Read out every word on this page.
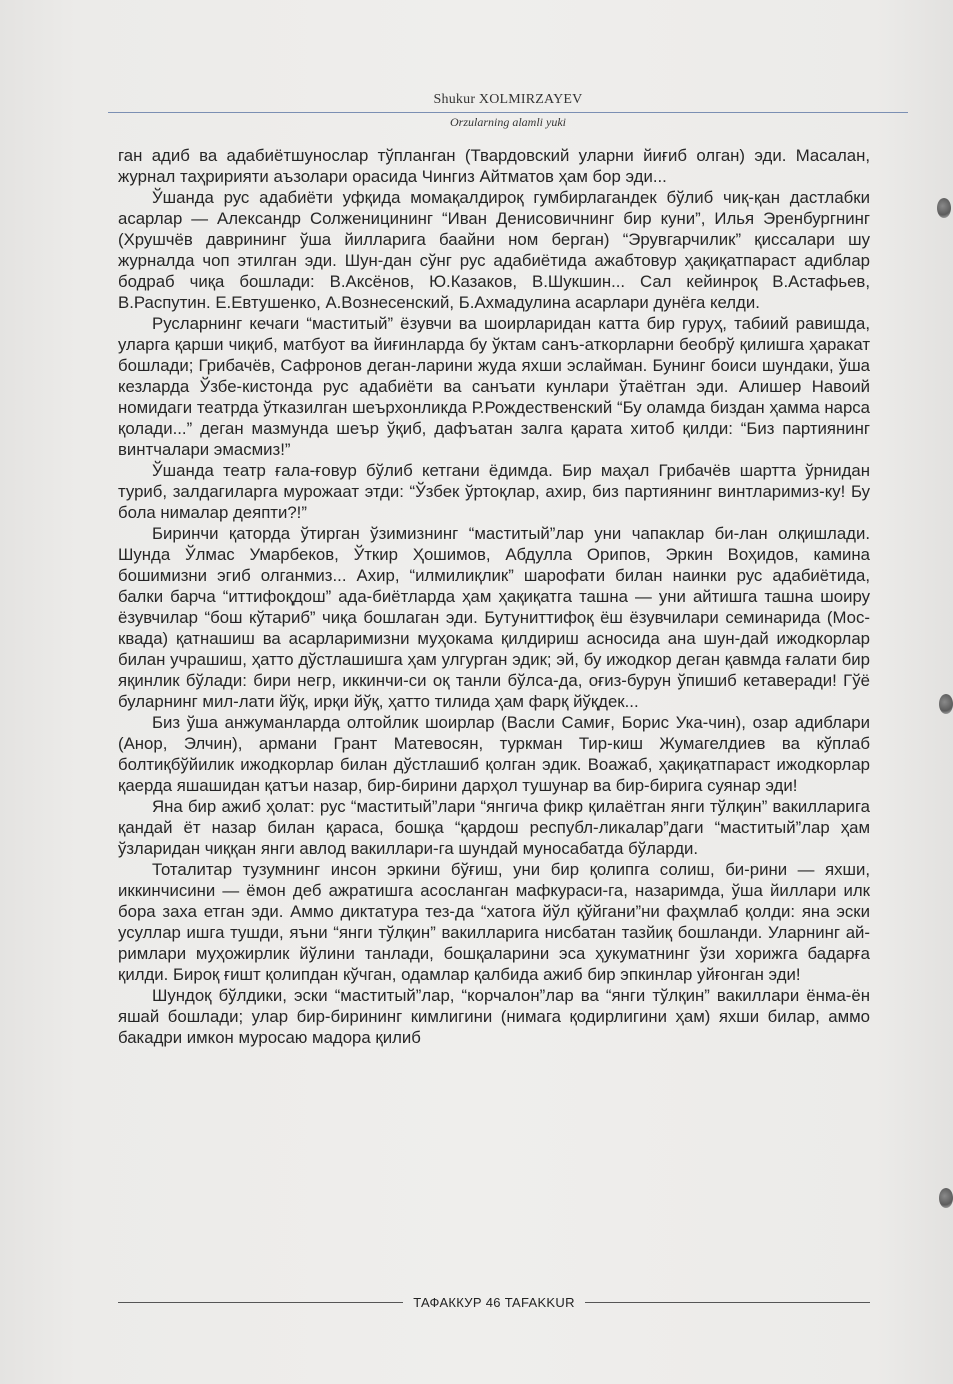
Shukur XOLMIRZAYEV
Orzularning alamli yuki

ган адиб ва адабиётшунослар тўпланган (Твардовский уларни йиғиб олган) эди. Масалан, журнал таҳририяти аъзолари орасида Чингиз Айтматов ҳам бор эди...

Ўшанда рус адабиёти уфқида момақалдироқ гумбирлагандек бўлиб чиқ-қан дастлабки асарлар — Александр Солженицининг “Иван Денисовичнинг бир куни”, Илья Эренбургнинг (Хрушчёв даврининг ўша йилларига баайни ном берган) “Эрувгарчилик” қиссалари шу журналда чоп этилган эди. Шун-дан сўнг рус адабиётида ажабтовур ҳақиқатпараст адиблар бодраб чиқа бошлади: В.Аксёнов, Ю.Казаков, В.Шукшин... Сал кейинроқ В.Астафьев, В.Распутин. Е.Евтушенко, А.Вознесенский, Б.Ахмадулина асарлари дунёга келди.

Русларнинг кечаги “маститый” ёзувчи ва шоирларидан катта бир гуруҳ, табиий равишда, уларга қарши чиқиб, матбуот ва йиғинларда бу ўктам санъ-аткорларни беобрў қилишга ҳаракат бошлади; Грибачёв, Сафронов деган-ларини жуда яхши эслайман. Бунинг боиси шундаки, ўша кезларда Ўзбе-кистонда рус адабиёти ва санъати кунлари ўтаётган эди. Алишер Навоий номидаги театрда ўтказилган шеърхонликда Р.Рождественский “Бу оламда биздан ҳамма нарса қолади...” деган мазмунда шеър ўқиб, дафъатан залга қарата хитоб қилди: “Биз партиянинг винтчалари эмасмиз!”

Ўшанда театр ғала-ғовур бўлиб кетгани ёдимда. Бир маҳал Грибачёв шартта ўрнидан туриб, залдагиларга мурожаат этди: “Ўзбек ўртоқлар, ахир, биз партиянинг винтларимиз-ку! Бу бола нималар деяпти?!”

Биринчи қаторда ўтирган ўзимизнинг “маститый”лар уни чапаклар би-лан олқишлади. Шунда Ўлмас Умарбеков, Ўткир Ҳошимов, Абдулла Орипов, Эркин Воҳидов, камина бошимизни эгиб олганмиз... Ахир, “илмилиқлик” шарофати билан наинки рус адабиётида, балки барча “иттифоқдош” ада-биётларда ҳам ҳақиқатга ташна — уни айтишга ташна шоиру ёзувчилар “бош кўтариб” чиқа бошлаган эди. Бутуниттифоқ ёш ёзувчилари семинарида (Мос-квада) қатнашиш ва асарларимизни муҳокама қилдириш асносида ана шун-дай ижодкорлар билан учрашиш, ҳатто дўстлашишга ҳам улгурган эдик; эй, бу ижодкор деган қавмда ғалати бир яқинлик бўлади: бири негр, иккинчи-си оқ танли бўлса-да, оғиз-бурун ўпишиб кетаверади! Гўё буларнинг мил-лати йўқ, ирқи йўқ, ҳатто тилида ҳам фарқ йўқдек...

Биз ўша анжуманларда олтойлик шоирлар (Васли Самиғ, Борис Ука-чин), озар адиблари (Анор, Элчин), армани Грант Матевосян, туркман Тир-киш Жумагелдиев ва кўплаб болтиқбўйилик ижодкорлар билан дўстлашиб қолган эдик. Воажаб, ҳақиқатпараст ижодкорлар қаерда яшашидан қатъи назар, бир-бирини дарҳол тушунар ва бир-бирига суянар эди!

Яна бир ажиб ҳолат: рус “маститый”лари “янгича фикр қилаётган янги тўлқин” вакилларига қандай ёт назар билан қараса, бошқа “қардош республ-ликалар”даги “маститый”лар ҳам ўзларидан чиққан янги авлод вакиллари-га шундай муносабатда бўларди.

Тоталитар тузумнинг инсон эркини бўғиш, уни бир қолипга солиш, би-рини — яхши, иккинчисини — ёмон деб ажратишга асосланган мафкураси-га, назаримда, ўша йиллари илк бора заха етган эди. Аммо диктатура тез-да “хатога йўл қўйгани”ни фаҳмлаб қолди: яна эски усуллар ишга тушди, яъни “янги тўлқин” вакилларига нисбатан тазйиқ бошланди. Уларнинг ай-римлари муҳожирлик йўлини танлади, бошқаларини эса ҳукуматнинг ўзи хорижга бадарға қилди. Бироқ ғишт қолипдан кўчган, одамлар қалбида ажиб бир эпкинлар уйғонган эди!

Шундоқ бўлдики, эски “маститый”лар, “корчалон”лар ва “янги тўлқин” вакиллари ёнма-ён яшай бошлади; улар бир-бирининг кимлигини (нимага қодирлигини ҳам) яхши билар, аммо бакадри имкон муросаю мадора қилиб

ТАФАККУР 46 TAFAKKUR
